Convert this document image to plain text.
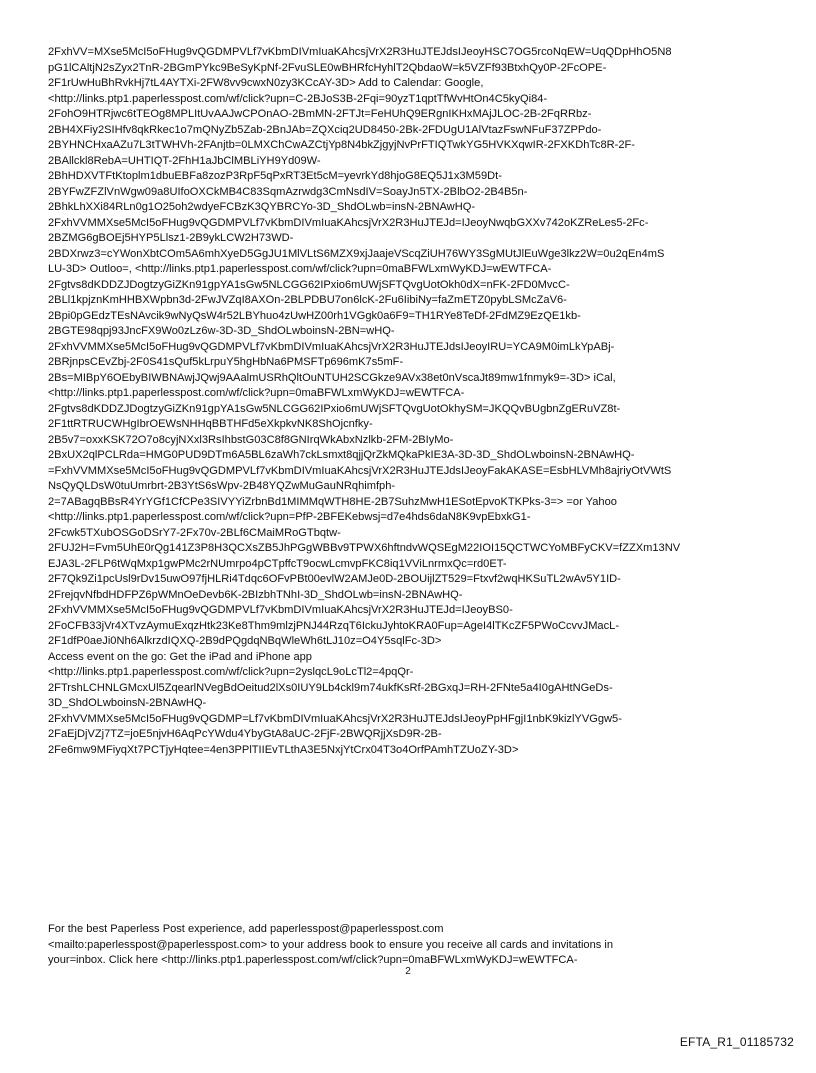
2FxhVV=MXse5McI5oFHug9vQGDMPVLf7vKbmDIVmIuaKAhcsjVrX2R3HuJTEJdsIJeoyHSC7OG5rcoNqEW=UqQDpHhO5N8
pG1lCAltjN2sZyx2TnR-2BGmPYkc9BeSyKpNf-2FvuSLE0wBHRfcHyhlT2QbdaoW=k5VZFf93BtxhQy0P-2FcOPE-
2F1rUwHuBhRvkHj7tL4AYTXi-2FW8vv9cwxN0zy3KCcAY-3D> Add to Calendar: Google,
<http://links.ptp1.paperlesspost.com/wf/click?upn=C-2BJoS3B-2Fqi=90yzT1qptTfWvHtOn4C5kyQi84-
2FohO9HTRjwc6tTEOg8MPLItUvAAJwCPOnAO-2BmMN-2FTJt=FeHUhQ9ERgnIKHxMAjJLOC-2B-2FqRRbz-
2BH4XFiy2SIHfv8qkRkec1o7mQNyZb5Zab-2BnJAb=ZQXciq2UD8450-2Bk-2FDUgU1AlVtazFswNFuF37ZPPdo-
2BYHNCHxaAZu7L3tTWHVh-2FAnjtb=0LMXChCwAZCtjYp8N4bkZjgyjNvPrFTIQTwkYG5HVKXqwIR-2FXKDhTc8R-2F-
2BAllckl8RebA=UHTIQT-2FhH1aJbClMBLiYH9Yd09W-
2BhHDXVTFtKtoplm1dbuEBFa8zozP3RpF5qPxRT3Et5cM=yevrkYd8hjoG8EQ5J1x3M59Dt-
2BYFwZFZlVnWgw09a8UIfoOXCkMB4C83SqmAzrwdg3CmNsdIV=SoayJn5TX-2BlbO2-2B4B5n-
2BhkLhXXi84RLn0g1O25oh2wdyeFCBzK3QYBRCYo-3D_ShdOLwb=insN-2BNAwHQ-
2FxhVVMMXse5McI5oFHug9vQGDMPVLf7vKbmDIVmIuaKAhcsjVrX2R3HuJTEJd=IJeoyNwqbGXXv742oKZReLes5-2Fc-
2BZMG6gBOEj5HYP5Llsz1-2B9ykLCW2H73WD-
2BDXrwz3=cYWonXbtCOm5A6mhXyeD5GgJU1MlVLtS6MZX9xjJaajeVScqZiUH76WY3SgMUtJlEuWge3lkz2W=0u2qEn4mS
LU-3D> Outloo=, <http://links.ptp1.paperlesspost.com/wf/click?upn=0maBFWLxmWyKDJ=wEWTFCA-
2Fgtvs8dKDDZJDogtzyGiZKn91gpYA1sGw5NLCGG62IPxio6mUWjSFTQvgUotOkh0dX=nFK-2FD0MvcC-
2BLl1kpjznKmHHBXWpbn3d-2FwJVZqI8AXOn-2BLPDBU7on6lcK-2Fu6IibiNy=faZmETZ0pybLSMcZaV6-
2Bpi0pGEdzTEsNAvcik9wNyQsW4r52LBYhuo4zUwHZ00rh1VGgk0a6F9=TH1RYe8TeDf-2FdMZ9EzQE1kb-
2BGTE98qpj93JncFX9Wo0zLz6w-3D-3D_ShdOLwboinsN-2BN=wHQ-
2FxhVVMMXse5McI5oFHug9vQGDMPVLf7vKbmDIVmIuaKAhcsjVrX2R3HuJTEJdsIJeoyIRU=YCA9M0imLkYpABj-
2BRjnpsCEvZbj-2F0S41sQuf5kLrpuY5hgHbNa6PMSFTp696mK7s5mF-
2Bs=MIBpY6OEbyBIWBNAwjJQwj9AAalmUSRhQltOuNTUH2SCGkze9AVx38et0nVscaJt89mw1fnmyk9=-3D> iCal,
<http://links.ptp1.paperlesspost.com/wf/click?upn=0maBFWLxmWyKDJ=wEWTFCA-
2Fgtvs8dKDDZJDogtzyGiZKn91gpYA1sGw5NLCGG62IPxio6mUWjSFTQvgUotOkhySM=JKQQvBUgbnZgERuVZ8t-
2F1ttRTRUCWHgIbrOEWsNHHqBBTHFd5eXkpkvNK8ShOjcnfky-
2B5v7=oxxKSK72O7o8cyjNXxl3RsIhbstG03C8f8GNIrqWkAbxNzlkb-2FM-2BIyMo-
2BxUX2qlPCLRda=HMG0PUD9DTm6A5BL6zaWh7ckLsmxt8qjjQrZkMQkaPkIE3A-3D-3D_ShdOLwboinsN-2BNAwHQ-
=FxhVVMMXse5McI5oFHug9vQGDMPVLf7vKbmDIVmIuaKAhcsjVrX2R3HuJTEJdsIJeoyFakAKASE=EsbHLVMh8ajriyOtVWtS
NsQyQLDsW0tuUmrbrt-2B3YtS6sWpv-2B48YQZwMuGauNRqhimfph-
2=7ABagqBBsR4YrYGf1CfCPe3SIVYYiZrbnBd1MIMMqWTH8HE-2B7SuhzMwH1ESotEpvoKTKPks-3=> =or Yahoo
<http://links.ptp1.paperlesspost.com/wf/click?upn=PfP-2BFEKebwsj=d7e4hds6daN8K9vpEbxkG1-
2Fcwk5TXubOSGoDSrY7-2Fx70v-2BLf6CMaiMRoGTbqtw-
2FUJ2H=Fvm5UhE0rQg141Z3P8H3QCXsZB5JhPGgWBBv9TPWX6hftndvWQSEgM22IOI15QCTWCYoMBFyCKV=fZZXm13NV
EJA3L-2FLP6tWqMxp1gwPMc2rNUmrpo4pCTpffcT9ocwLcmvpFKC8iq1VViLnrmxQc=rd0ET-
2F7Qk9Zi1pcUsl9rDv15uwO97fjHLRi4Tdqc6OFvPBt00evlW2AMJe0D-2BOUijlZT529=Ftxvf2wqHKSuTL2wAv5Y1ID-
2FrejqvNfbdHDFPZ6pWMnOeDevb6K-2BIzbhTNhI-3D_ShdOLwb=insN-2BNAwHQ-
2FxhVVMMXse5McI5oFHug9vQGDMPVLf7vKbmDIVmIuaKAhcsjVrX2R3HuJTEJd=IJeoyBS0-
2FoCFB33jVr4XTvzAymuExqzHtk23Ke8Thm9mlzjPNJ44RzqT6IckuJyhtoKRA0Fup=AgeI4lTKcZF5PWoCcvvJMacL-
2F1dfP0aeJi0Nh6AlkrzdIQXQ-2B9dPQgdqNBqWleWh6tLJ10z=O4Y5sqlFc-3D>
Access event on the go: Get the iPad and iPhone app
<http://links.ptp1.paperlesspost.com/wf/click?upn=2yslqcL9oLcTl2=4pqQr-
2FTrshLCHNLGMcxUl5ZqearlNVegBdOeitud2lXs0IUY9Lb4ckl9m74ukfKsRf-2BGxqJ=RH-2FNte5a4I0gAHtNGeDs-
3D_ShdOLwboinsN-2BNAwHQ-
2FxhVVMMXse5McI5oFHug9vQGDMP=Lf7vKbmDIVmIuaKAhcsjVrX2R3HuJTEJdsIJeoyPpHFgjI1nbK9kizlYVGgw5-
2FaEjDjVZj7TZ=joE5njvH6AqPcYWdu4YbyGtA8aUC-2FjF-2BWQRjjXsD9R-2B-
2Fe6mw9MFiyqXt7PCTjyHqtee=4en3PPlTIIEvTLthA3E5NxjYtCrx04T3o4OrfPAmhTZUoZY-3D>
For the best Paperless Post experience, add paperlesspost@paperlesspost.com
<mailto:paperlesspost@paperlesspost.com> to your address book to ensure you receive all cards and invitations in
your=inbox. Click here <http://links.ptp1.paperlesspost.com/wf/click?upn=0maBFWLxmWyKDJ=wEWTFCA-
2
EFTA_R1_01185732
